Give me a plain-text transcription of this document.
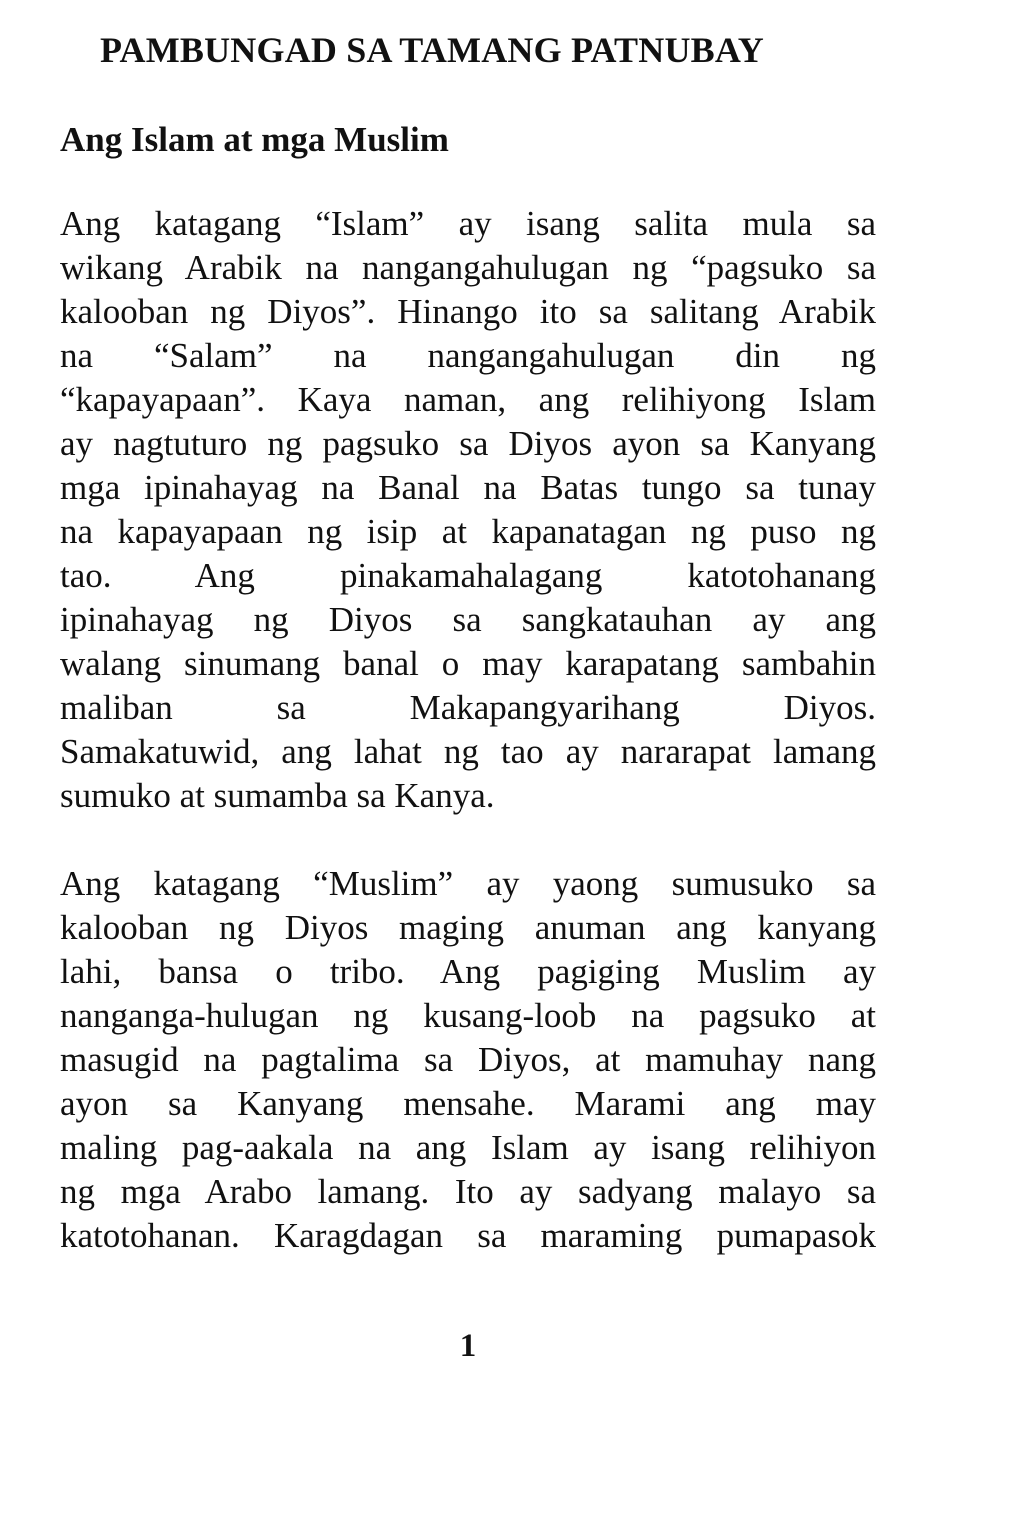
PAMBUNGAD SA TAMANG PATNUBAY
Ang Islam at mga Muslim
Ang katagang “Islam” ay isang salita mula sa
wikang Arabik na nangangahulugan ng “pagsuko sa
kalooban ng Diyos”. Hinango ito sa salitang Arabik
na “Salam” na nangangahulugan din ng
“kapayapaan”. Kaya naman, ang relihiyong Islam
ay nagtuturo ng pagsuko sa Diyos ayon sa Kanyang
mga ipinahayag na Banal na Batas tungo sa tunay
na kapayapaan ng isip at kapanatagan ng puso ng
tao. Ang pinakamahalagang katotohanang
ipinahayag ng Diyos sa sangkatauhan ay ang
walang sinumang banal o may karapatang sambahin
maliban sa Makapangyarihang Diyos.
Samakatuwid, ang lahat ng tao ay nararapat lamang
sumuko at sumamba sa Kanya.
Ang katagang “Muslim” ay yaong sumusuko sa
kalooban ng Diyos maging anuman ang kanyang
lahi, bansa o tribo. Ang pagiging Muslim ay
nanganga-hulugan ng kusang-loob na pagsuko at
masugid na pagtalima sa Diyos, at mamuhay nang
ayon sa Kanyang mensahe. Marami ang may
maling pag-aakala na ang Islam ay isang relihiyon
ng mga Arabo lamang. Ito ay sadyang malayo sa
katotohanan. Karagdagan sa maraming pumapasok
1
